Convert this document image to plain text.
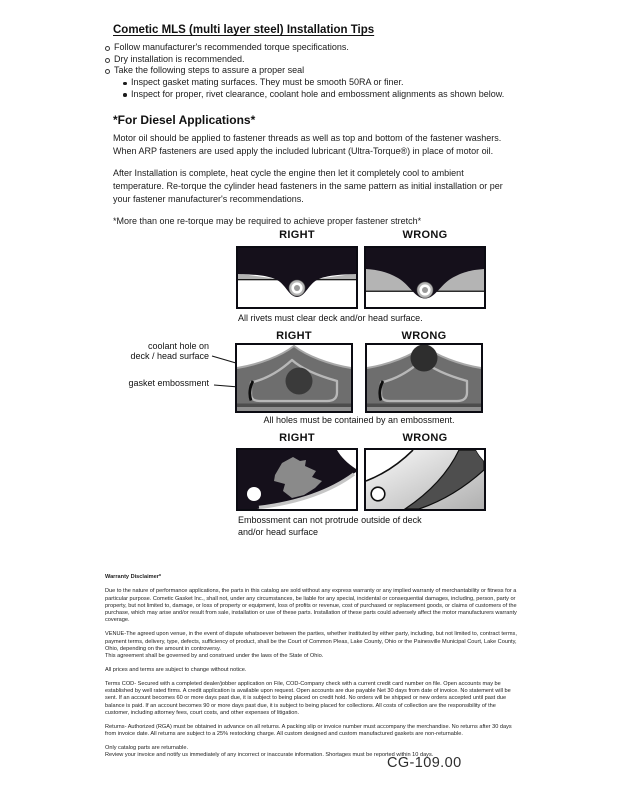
Cometic MLS (multi layer steel) Installation Tips
Follow manufacturer's recommended torque specifications.
Dry installation is recommended.
Take the following steps to assure a proper seal
Inspect gasket mating surfaces. They must be smooth 50RA or finer.
Inspect for proper, rivet clearance, coolant hole and embossment alignments as shown below.
*For Diesel Applications*

Motor oil should be applied to fastener threads as well as top and bottom of the fastener washers. When ARP fasteners are used apply the included lubricant (Ultra-Torque®) in place of motor oil.

After Installation is complete, heat cycle the engine then let it completely cool to ambient temperature. Re-torque the cylinder head fasteners in the same pattern as initial installation or per your fastener manufacturer's recommendations.

*More than one re-torque may be required to achieve proper fastener stretch*

RIGHT	WRONG
All rivets must clear deck and/or head surface.
RIGHT	WRONG
coolant hole on
deck / head surface
gasket embossment
All holes must be contained by an embossment.
RIGHT	WRONG
Embossment can not protrude outside of deck
and/or head surface

Warranty Disclaimer*

Due to the nature of performance applications, the parts in this catalog are sold without any express warranty or any implied warranty of merchantability or fitness for a particular purpose. Cometic Gasket Inc., shall not, under any circumstances, be liable for any special, incidental or consequential damages, including, person, party or property, but not limited to, damage, or loss of property or equipment, loss of profits or revenue, cost of purchased or replacement goods, or claims of customers of the purchase, which may arise and/or result from sale, installation or use of these parts. Installation of these parts could adversely affect the motor manufacturers warranty coverage.

VENUE-The agreed upon venue, in the event of dispute whatsoever between the parties, whether instituted by either party, including, but not limited to, contract terms, payment terms, delivery, type, defects, sufficiency of product, shall be the Court of Common Pleas, Lake County, Ohio or the Painesville Municipal Court, Lake County, Ohio, depending on the amount in controversy.

This agreement shall be governed by and construed under the laws of the State of Ohio.

All prices and terms are subject to change without notice.

Terms COD- Secured with a completed dealer/jobber application on File, COD-Company check with a current credit card number on file. Open accounts may be established by well rated firms. A credit application is available upon request. Open accounts are due payable Net 30 days from date of invoice. No statement will be sent. If an account becomes 60 or more days past due, it is subject to being placed on credit hold. No orders will be shipped or new orders accepted until past due balance is paid. If an account becomes 90 or more days past due, it is subject to being placed for collections. All costs of collection are the responsibility of the customer, including attorney fees, court costs, and other expenses of litigation.

Returns- Authorized (RGA) must be obtained in advance on all returns. A packing slip or invoice number must accompany the merchandise. No returns after 30 days from invoice date. All returns are subject to a 25% restocking charge. All custom designed and custom manufactured gaskets are non-returnable.

Only catalog parts are returnable.

Review your invoice and notify us immediately of any incorrect or inaccurate information. Shortages must be reported within 10 days.

CG-109.00
